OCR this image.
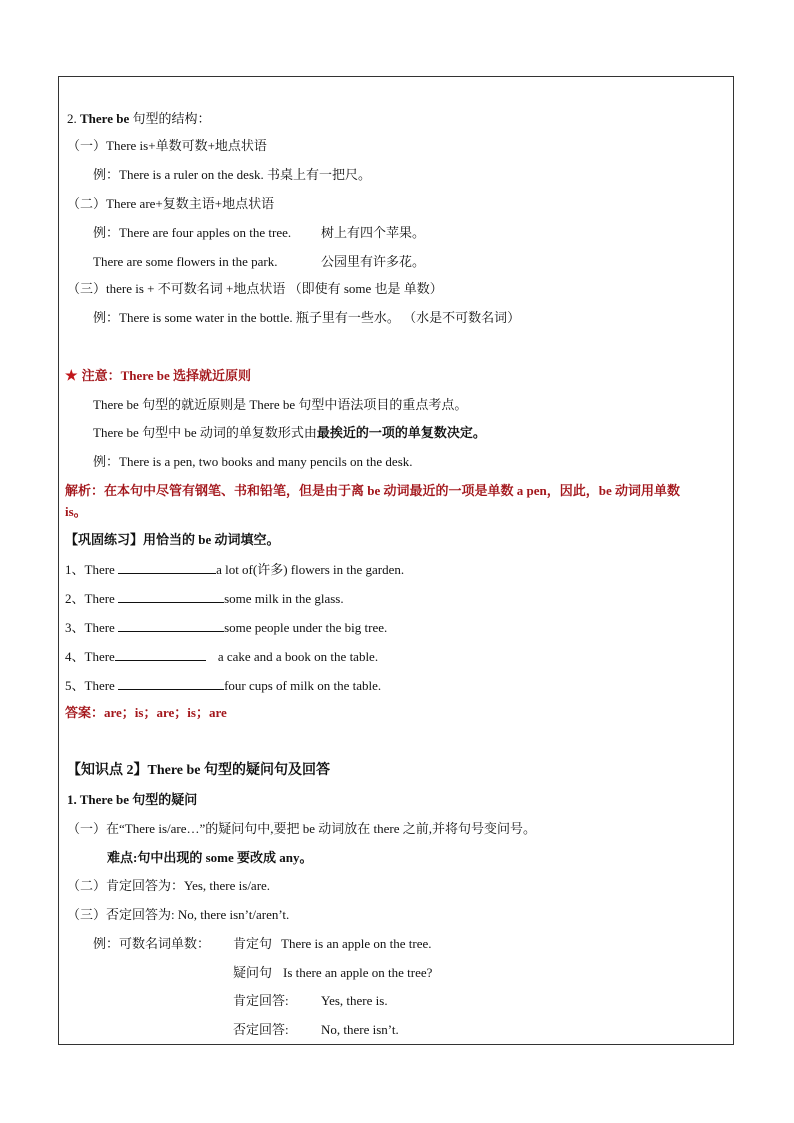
2. There be 句型的结构：
（一）There is+单数可数+地点状语
例：There is a ruler on the desk. 书桌上有一把尺。
（二）There are+复数主语+地点状语
例：There are four apples on the tree. 树上有四个苹果。
There are some flowers in the park.	公园里有许多花。
（三）there is + 不可数名词 +地点状语 （即使有 some 也是 单数）
例：There is some water in the bottle. 瓶子里有一些水。 （水是不可数名词）
★ 注意：There be 选择就近原则
There be 句型的就近原则是 There be 句型中语法项目的重点考点。
There be 句型中 be 动词的单复数形式由最挨近的一项的单复数决定。
例：There is a pen, two books and many pencils on the desk.
解析：在本句中尽管有钢笔、书和铅笔，但是由于离 be 动词最近的一项是单数 a pen，因此，be 动词用单数
is。
【巩固练习】用恰当的 be 动词填空。
1、There	a lot of(许多) flowers in the garden.
2、There	some milk in the glass.
3、There	some people under the big tree.
4、There	a cake and a book on the table.
5、There	four cups of milk on the table.
答案：are；is；are；is；are
【知识点 2】There be 句型的疑问句及回答
1. There be 句型的疑问
（一）在“There is/are…”的疑问句中,要把 be 动词放在 there 之前,并将句号变问号。
难点:句中出现的 some 要改成 any。
（二）肯定回答为：Yes, there is/are.
（三）否定回答为: No, there isn’t/aren’t.
例：可数名词单数： 肯定句 There is an apple on the tree.
疑问句 Is there an apple on the tree?
肯定回答: Yes, there is.
否定回答: No, there isn’t.
